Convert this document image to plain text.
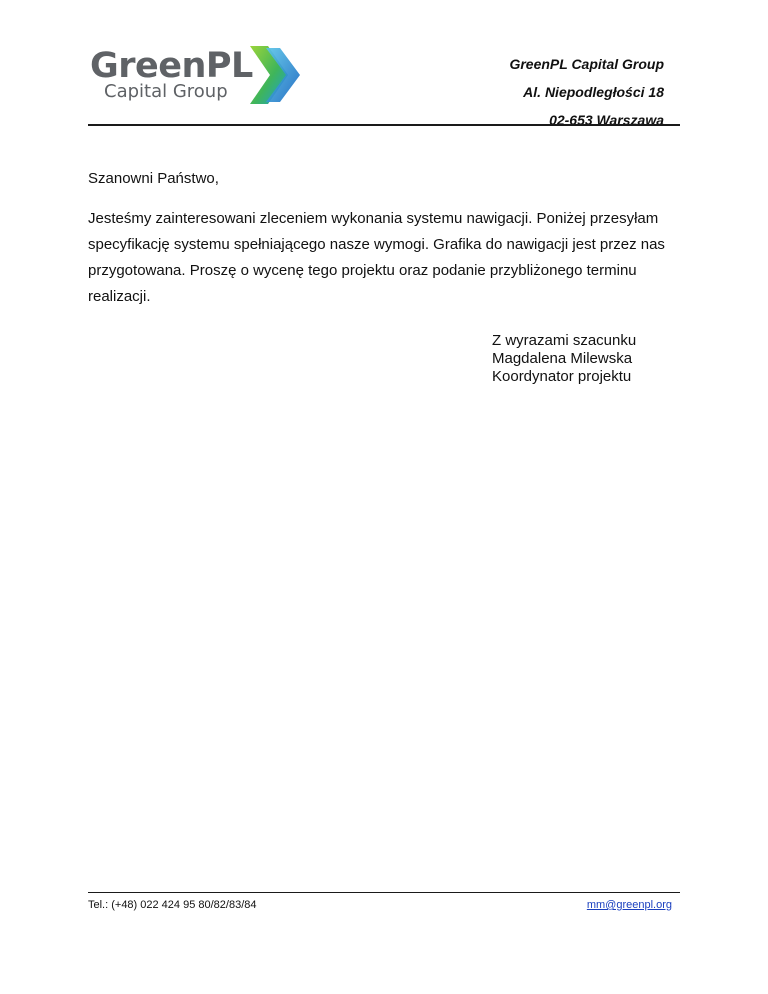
GreenPL
Capital Group
GreenPL Capital Group
Al. Niepodległości 18
02-653 Warszawa
Szanowni Państwo,
Jesteśmy zainteresowani zleceniem wykonania systemu nawigacji. Poniżej przesyłam specyfikację systemu spełniającego nasze wymogi. Grafika do nawigacji jest przez nas przygotowana. Proszę o wycenę tego projektu oraz podanie przybliżonego terminu realizacji.
Z wyrazami szacunku
Magdalena Milewska
Koordynator projektu
Tel.: (+48) 022 424 95 80/82/83/84	mm@greenpl.org
